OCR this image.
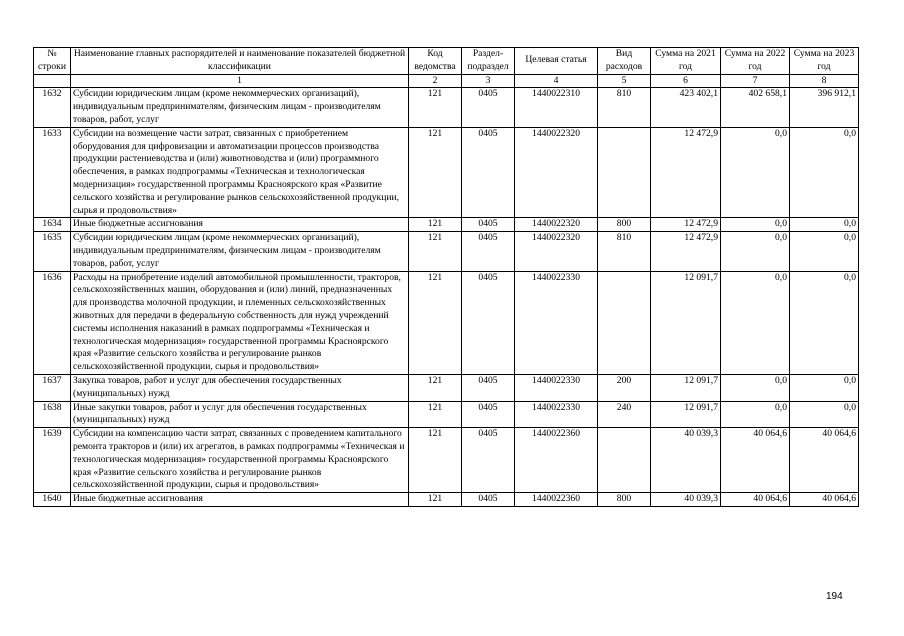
№ строки	Наименование главных распорядителей и наименование показателей бюджетной классификации	Код ведомства	Раздел-подраздел	Целевая статья	Вид расходов	Сумма на 2021 год	Сумма на 2022 год	Сумма на 2023 год
	1	2	3	4	5	6	7	8
1632	Субсидии юридическим лицам (кроме некоммерческих организаций), индивидуальным предпринимателям, физическим лицам - производителям товаров, работ, услуг	121	0405	1440022310	810	423 402,1	402 658,1	396 912,1
1633	Субсидии на возмещение части затрат, связанных с приобретением оборудования для цифровизации и автоматизации процессов производства продукции растениеводства и (или) животноводства и (или) программного обеспечения, в рамках подпрограммы «Техническая и технологическая модернизация» государственной программы Красноярского края «Развитие сельского хозяйства и регулирование рынков сельскохозяйственной продукции, сырья и продовольствия»	121	0405	1440022320		12 472,9	0,0	0,0
1634	Иные бюджетные ассигнования	121	0405	1440022320	800	12 472,9	0,0	0,0
1635	Субсидии юридическим лицам (кроме некоммерческих организаций), индивидуальным предпринимателям, физическим лицам - производителям товаров, работ, услуг	121	0405	1440022320	810	12 472,9	0,0	0,0
1636	Расходы на приобретение изделий автомобильной промышленности, тракторов, сельскохозяйственных машин, оборудования и (или) линий, предназначенных для производства молочной продукции, и племенных сельскохозяйственных животных для передачи в федеральную собственность для нужд учреждений системы исполнения наказаний в рамках подпрограммы «Техническая и технологическая модернизация» государственной программы Красноярского края «Развитие сельского хозяйства и регулирование рынков сельскохозяйственной продукции, сырья и продовольствия»	121	0405	1440022330		12 091,7	0,0	0,0
1637	Закупка товаров, работ и услуг для обеспечения государственных (муниципальных) нужд	121	0405	1440022330	200	12 091,7	0,0	0,0
1638	Иные закупки товаров, работ и услуг для обеспечения государственных (муниципальных) нужд	121	0405	1440022330	240	12 091,7	0,0	0,0
1639	Субсидии на компенсацию части затрат, связанных с проведением капитального ремонта тракторов и (или) их агрегатов, в рамках подпрограммы «Техническая и технологическая модернизация» государственной программы Красноярского края «Развитие сельского хозяйства и регулирование рынков сельскохозяйственной продукции, сырья и продовольствия»	121	0405	1440022360		40 039,3	40 064,6	40 064,6
1640	Иные бюджетные ассигнования	121	0405	1440022360	800	40 039,3	40 064,6	40 064,6
194
